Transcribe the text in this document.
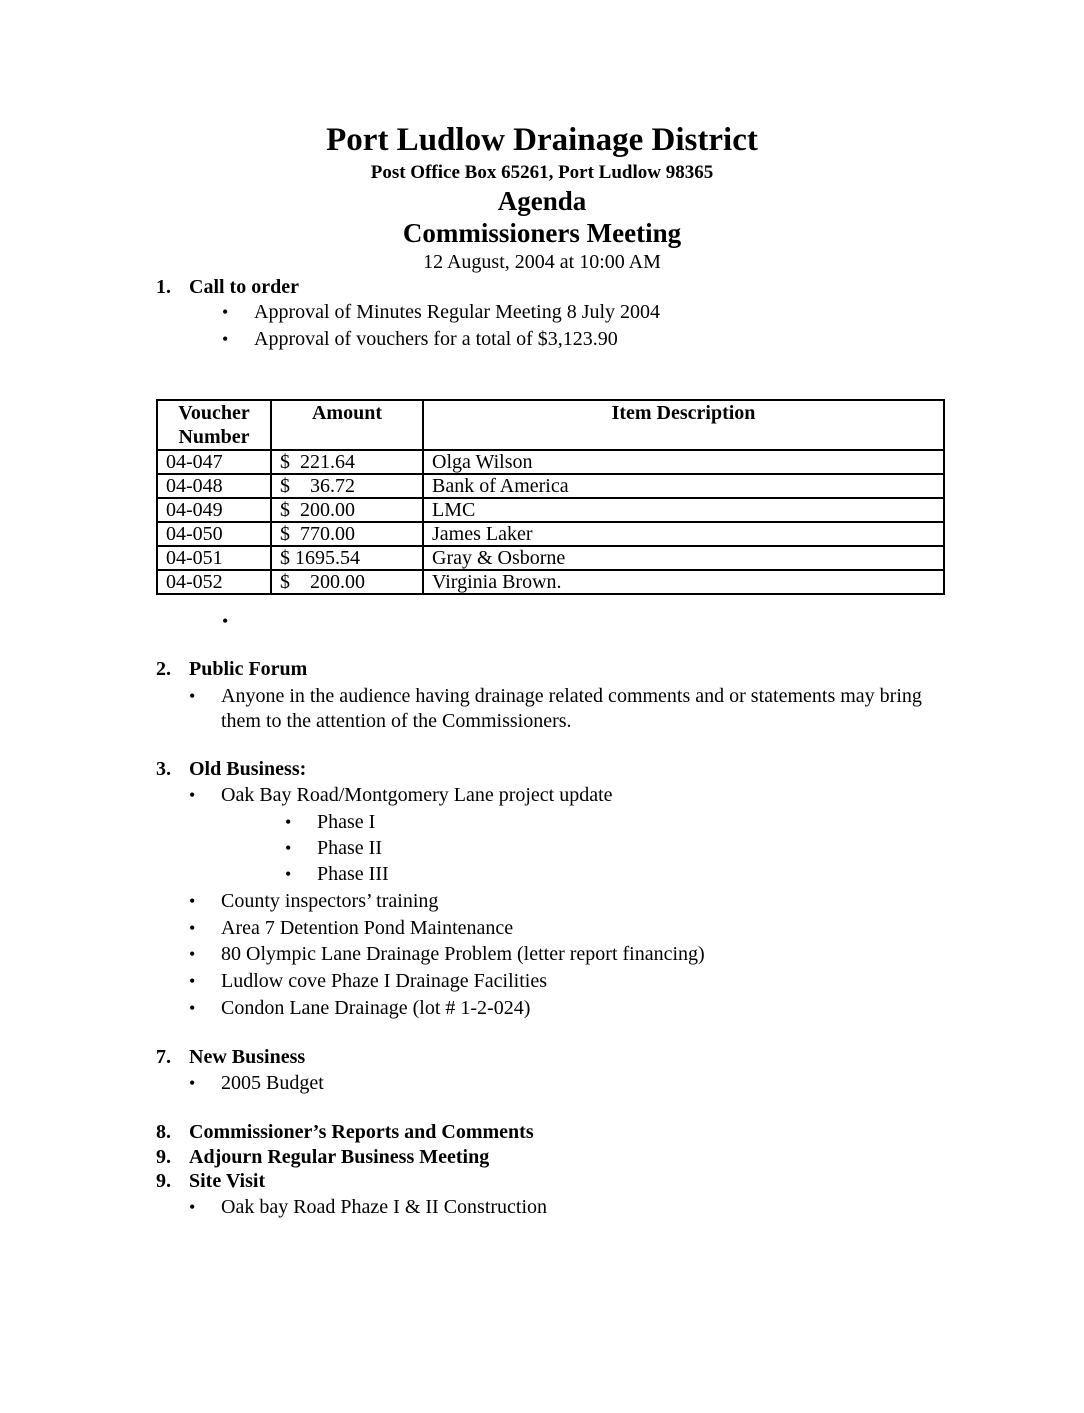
Port Ludlow Drainage District
Post Office Box 65261, Port Ludlow 98365
Agenda
Commissioners Meeting
12 August, 2004 at 10:00 AM
1. Call to order
• Approval of Minutes Regular Meeting 8 July 2004
• Approval of vouchers for a total of $3,123.90
Voucher
Number	Amount	Item Description
04-047	$  221.64	Olga Wilson
04-048	$    36.72	Bank of America
04-049	$  200.00	LMC
04-050	$  770.00	James Laker
04-051	$ 1695.54	Gray & Osborne
04-052	$    200.00	Virginia Brown.
•
2. Public Forum
•	Anyone in the audience having drainage related comments and or statements may bring them to the attention of the Commissioners.
3. Old Business:
• Oak Bay Road/Montgomery Lane project update
• Phase I
• Phase II
• Phase III
• County inspectors’ training
• Area 7 Detention Pond Maintenance
• 80 Olympic Lane Drainage Problem (letter report financing)
• Ludlow cove Phaze I Drainage Facilities
• Condon Lane Drainage (lot # 1-2-024)
7. New Business
• 2005 Budget
8. Commissioner’s Reports and Comments
9. Adjourn Regular Business Meeting
9. Site Visit
• Oak bay Road Phaze I & II Construction
